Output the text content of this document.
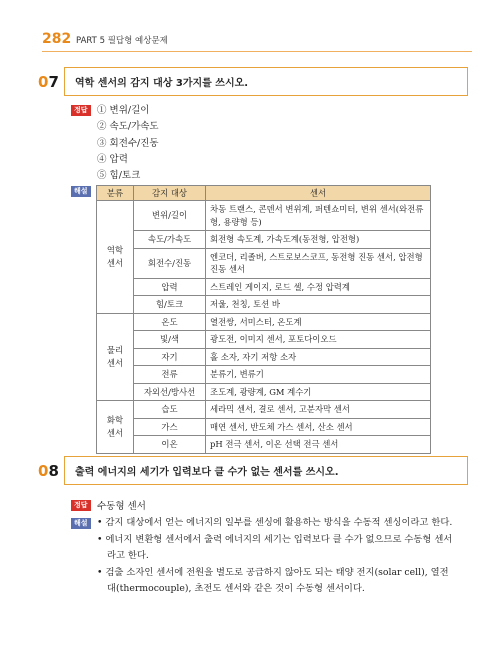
282 PART 5 필답형 예상문제
07 역학 센서의 감지 대상 3가지를 쓰시오.
정답 ① 변위/길이
② 속도/가속도
③ 회전수/진동
④ 압력
⑤ 힘/토크
해설	분류	감지 대상	센서
역학
센서	변위/길이	차동 트랜스, 콘덴서 변위계, 퍼텐쇼미터, 변위 센서(와전류형, 용량형 등)
	속도/가속도	회전형 속도계, 가속도계(동전형, 압전형)
	회전수/진동	엔코더, 리졸버, 스트로보스코프, 동전형 진동 센서, 압전형 진동 센서
	압력	스트레인 게이지, 로드 셀, 수정 압력계
	힘/토크	저울, 천칭, 토션 바
물리
센서	온도	열전쌍, 서미스터, 온도계
	빛/색	광도전, 이미지 센서, 포토다이오드
	자기	홀 소자, 자기 저항 소자
	전류	분류기, 변류기
	자외선/방사선	조도계, 광량계, GM 계수기
화학
센서	습도	세라믹 센서, 결로 센서, 고분자막 센서
	가스	매연 센서, 반도체 가스 센서, 산소 센서
	이온	pH 전극 센서, 이온 선택 전극 센서
08 출력 에너지의 세기가 입력보다 클 수가 없는 센서를 쓰시오.
정답 수동형 센서
해설	• 감지 대상에서 얻는 에너지의 일부를 센싱에 활용하는 방식을 수동적 센싱이라고 한다.

• 에너지 변환형 센서에서 출력 에너지의 세기는 입력보다 클 수가 없으므로 수동형 센서라고 한다.

• 검출 소자인 센서에 전원을 별도로 공급하지 않아도 되는 태양 전지(solar cell), 열전대(thermocouple), 초전도 센서와 같은 것이 수동형 센서이다.
